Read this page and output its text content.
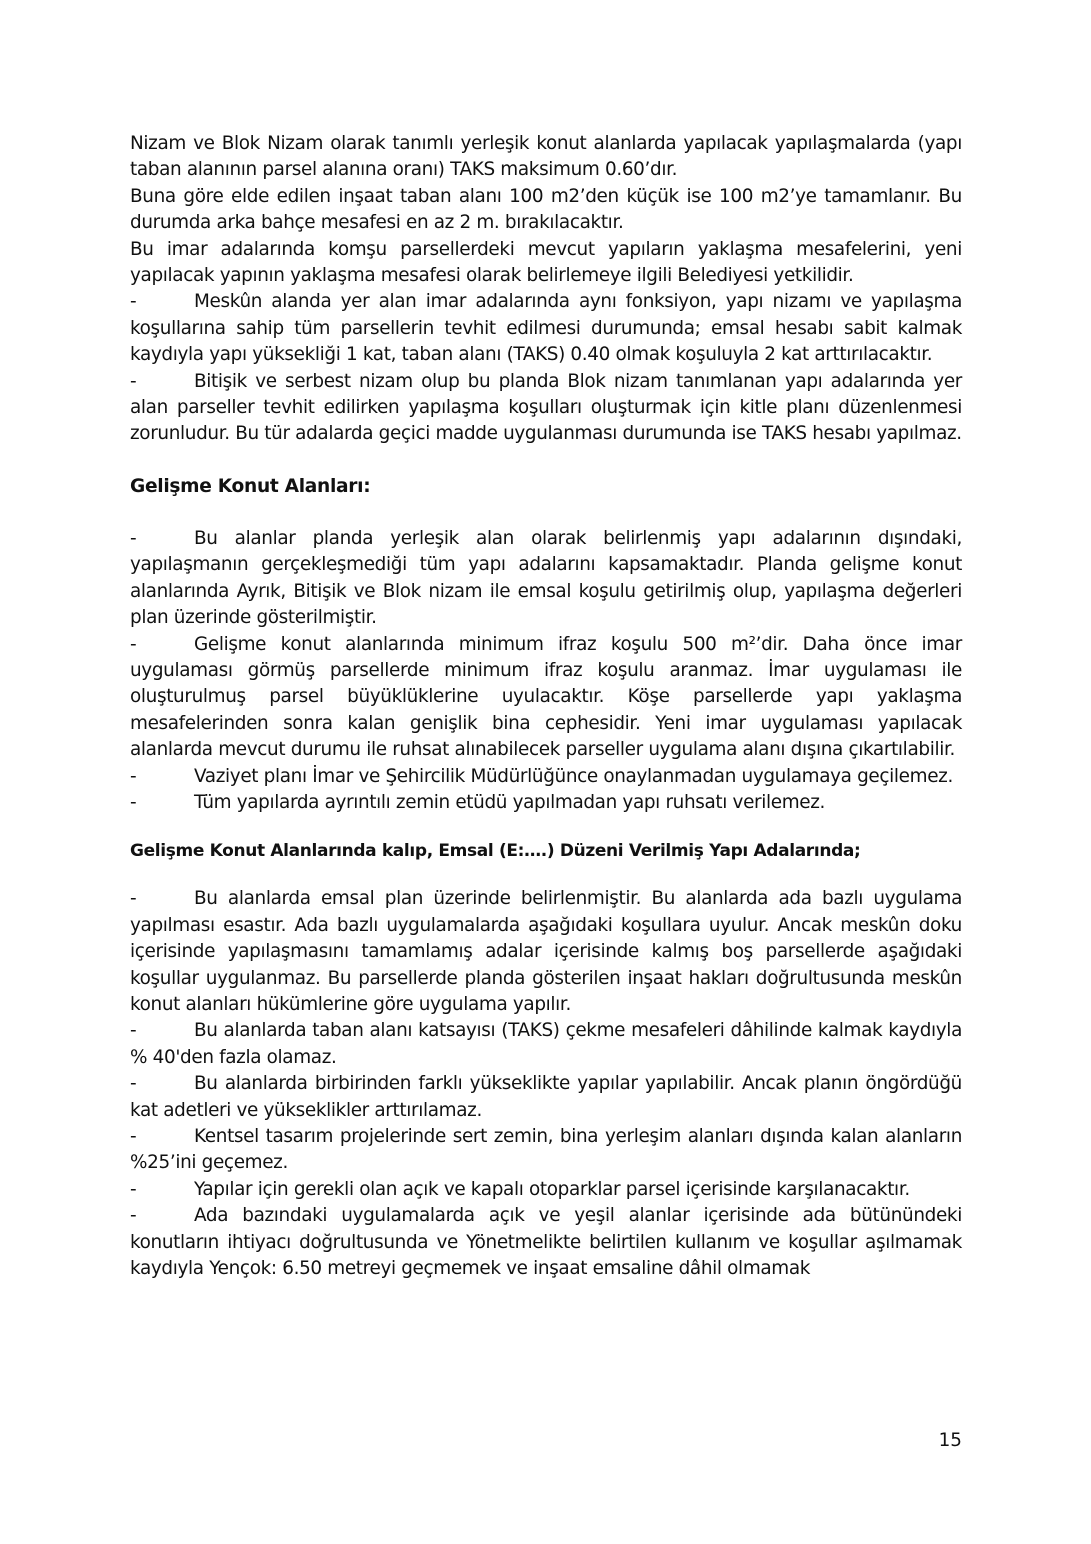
Nizam ve Blok Nizam olarak tanımlı yerleşik konut alanlarda yapılacak yapılaşmalarda (yapı taban alanının parsel alanına oranı) TAKS maksimum 0.60’dır.

Buna göre elde edilen inşaat taban alanı 100 m2’den küçük ise 100 m2’ye tamamlanır. Bu durumda arka bahçe mesafesi en az 2 m. bırakılacaktır.

Bu imar adalarında komşu parsellerdeki mevcut yapıların yaklaşma mesafelerini, yeni yapılacak yapının yaklaşma mesafesi olarak belirlemeye ilgili Belediyesi yetkilidir.

-	Meskûn alanda yer alan imar adalarında aynı fonksiyon, yapı nizamı ve yapılaşma koşullarına sahip tüm parsellerin tevhit edilmesi durumunda; emsal hesabı sabit kalmak kaydıyla yapı yüksekliği 1 kat, taban alanı (TAKS) 0.40 olmak koşuluyla 2 kat arttırılacaktır.

-	Bitişik ve serbest nizam olup bu planda Blok nizam tanımlanan yapı adalarında yer alan parseller tevhit edilirken yapılaşma koşulları oluşturmak için kitle planı düzenlenmesi zorunludur. Bu tür adalarda geçici madde uygulanması durumunda ise TAKS hesabı yapılmaz.

Gelişme Konut Alanları:

-	Bu alanlar planda yerleşik alan olarak belirlenmiş yapı adalarının dışındaki, yapılaşmanın gerçekleşmediği tüm yapı adalarını kapsamaktadır. Planda gelişme konut alanlarında Ayrık, Bitişik ve Blok nizam ile emsal koşulu getirilmiş olup, yapılaşma değerleri plan üzerinde gösterilmiştir.

-	Gelişme konut alanlarında minimum ifraz koşulu 500 m²’dir. Daha önce imar uygulaması görmüş parsellerde minimum ifraz koşulu aranmaz. İmar uygulaması ile oluşturulmuş parsel büyüklüklerine uyulacaktır. Köşe parsellerde yapı yaklaşma mesafelerinden sonra kalan genişlik bina cephesidir. Yeni imar uygulaması yapılacak alanlarda mevcut durumu ile ruhsat alınabilecek parseller uygulama alanı dışına çıkartılabilir.

-	Vaziyet planı İmar ve Şehircilik Müdürlüğünce onaylanmadan uygulamaya geçilemez.

-	Tüm yapılarda ayrıntılı zemin etüdü yapılmadan yapı ruhsatı verilemez.

Gelişme Konut Alanlarında kalıp, Emsal (E:….) Düzeni Verilmiş Yapı Adalarında;

-	Bu alanlarda emsal plan üzerinde belirlenmiştir. Bu alanlarda ada bazlı uygulama yapılması esastır. Ada bazlı uygulamalarda aşağıdaki koşullara uyulur. Ancak meskûn doku içerisinde yapılaşmasını tamamlamış adalar içerisinde kalmış boş parsellerde aşağıdaki koşullar uygulanmaz. Bu parsellerde planda gösterilen inşaat hakları doğrultusunda meskûn konut alanları hükümlerine göre uygulama yapılır.

-	Bu alanlarda taban alanı katsayısı (TAKS) çekme mesafeleri dâhilinde kalmak kaydıyla % 40'den fazla olamaz.

-	Bu alanlarda birbirinden farklı yükseklikte yapılar yapılabilir. Ancak planın öngördüğü kat adetleri ve yükseklikler arttırılamaz.

-	Kentsel tasarım projelerinde sert zemin, bina yerleşim alanları dışında kalan alanların %25’ini geçemez.

-	Yapılar için gerekli olan açık ve kapalı otoparklar parsel içerisinde karşılanacaktır.

-	Ada bazındaki uygulamalarda açık ve yeşil alanlar içerisinde ada bütünündeki konutların ihtiyacı doğrultusunda ve Yönetmelikte belirtilen kullanım ve koşullar aşılmamak kaydıyla Yençok: 6.50 metreyi geçmemek ve inşaat emsaline dâhil olmamak

15
